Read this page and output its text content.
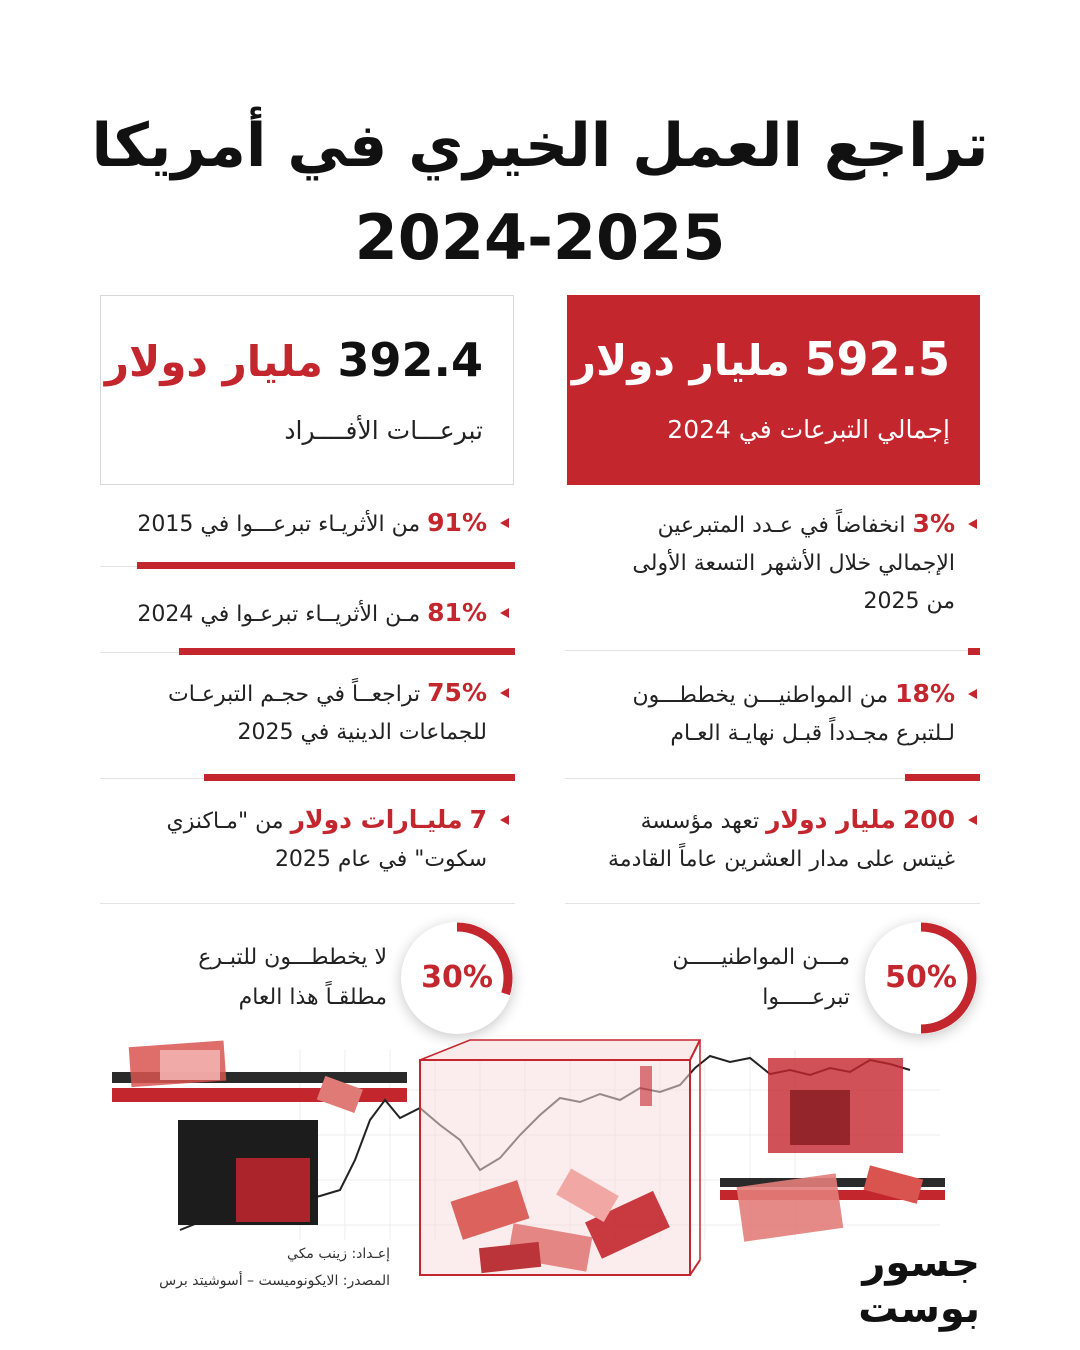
تراجع العمل الخيري في أمريكا
2024-2025
592.5 مليار دولار
إجمالي التبرعات في 2024
392.4 مليار دولار
تبرعـــات الأفــــراد
3% انخفاضاً في عـدد المتبرعين
الإجمالي خلال الأشهر التسعة الأولى
من 2025
18% من المواطنيـــن يخططـــون
لـلتبرع مجـدداً قبـل نهايـة العـام
200 مليار دولار تعهد مؤسسة
غيتس على مدار العشرين عاماً القادمة
91% من الأثريـاء تبرعـــوا في 2015
81% مـن الأثريــاء تبرعـوا في 2024
75% تراجعــاً في حجـم التبرعـات
للجماعات الدينية في 2025
7 مليـارات دولار من "مـاكنزي
سكوت" في عام 2025
50%
مـــن المواطنيـــــن
تبرعـــــوا
30%
لا يخططـــون للتبـرع
مطلقـاً هذا العام
إعـداد: زينب مكي
المصدر: الايكونوميست – أسوشيتد برس	جسور بوست
